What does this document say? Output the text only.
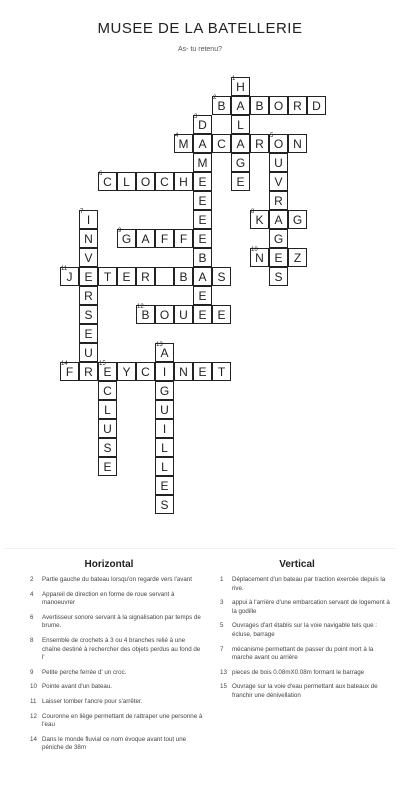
MUSEE DE LA BATELLERIE
As- tu retenu?
B
2
A B O R D
M
4
A C A R O
5
N
C
6
L O C H E
K
8
A G
G
9
A F F E
N
10
E Z
J
11
E T E R	B A S
B
12
O U E E
F
14
R E
15
Y C	I	N E T
H
1
L
G
E
D
3
M
E
U
V
R
G
S
E
I
7
N
V
R
S
E
U
B
E
A
13
G
U
I
L
L
E
S
C
L
U
S
E
Horizontal
2	Partie gauche du bateau lorsqu'on regarde vers l'avant
4	Appareil de direction en forme de roue servant à manoeuvrer
6	Avertisseur sonore servant à la signalisation par temps de brume.
8	Ensemble de crochets à 3 ou 4 branches relié à une chaîne destiné à rechercher des objets perdus au fond de l'
9	Petite perche ferrée d' un croc.
10 Pointe avant d'un bateau.
11 Laisser tomber l'ancre pour s'arrêter.
12 Couronne en liège permettant de rattraper une personne à l'eau
14 Dans le monde fluvial ce nom évoque avant tout une péniche de 38m
Vertical
1	Déplacement d'un bateau par traction exercée depuis la rive.
3	appui à l'arrière d'une embarcation servant de logement à la godille
5	Ouvrages d'art établis sur la voie navigable tels que : écluse, barrage
7	mécanisme permettant de passer du point mort à la marche avant ou arrière
13 pieces de bois 0.08mX0.08m formant le barrage
15 Ouvrage sur la voie d'eau permettant aux bateaux de franchir une dénivellation
